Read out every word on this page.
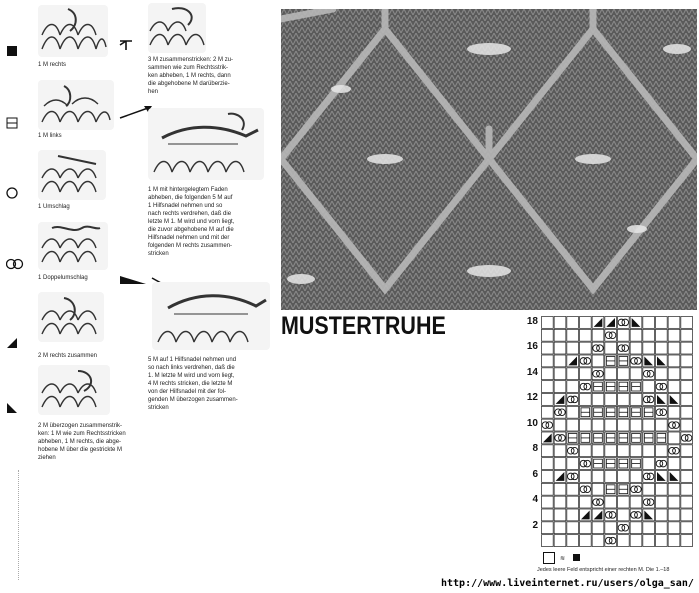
1 M rechts
1 M links
1 Umschlag
1 Doppelumschlag
2 M rechts zusammen
2 M überzogen zusammenstrik-
ken: 1 M wie zum Rechtsstricken
abheben, 1 M rechts, die abge-
hobene M über die gestrickte M
ziehen
3 M zusammenstricken: 2 M zu-
sammen wie zum Rechtsstrik-
ken abheben, 1 M rechts, dann
die abgehobene M darüberzie-
hen
1 M mit hintergelegtem Faden
abheben, die folgenden 5 M auf
1 Hilfsnadel nehmen und so
nach rechts verdrehen, daß die
letzte M 1. M wird und vorn liegt,
die zuvor abgehobene M auf die
Hilfsnadel nehmen und mit der
folgenden M rechts zusammen-
stricken
5 M auf 1 Hilfsnadel nehmen und
so nach links verdrehen, daß die
1. M letzte M wird und vorn liegt,
4 M rechts stricken, die letzte M
von der Hilfsnadel mit der fol-
genden M überzogen zusammen-
stricken
MUSTERTRUHE	18
16
14
12
10
8
6
4
2
≋
Jedes leere Feld entspricht einer rechten M. Die 1.–18
http://www.liveinternet.ru/users/olga_san/
